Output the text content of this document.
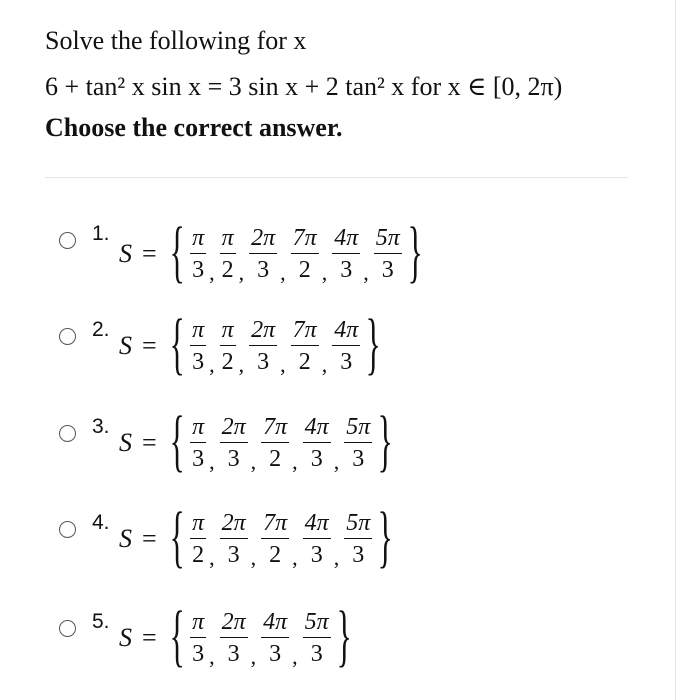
Solve the following for x
6 + tan² x sin x = 3 sin x + 2 tan² x for x ∈ [0, 2π)
Choose the correct answer.
1.
S = { $\frac{\pi}{3}$ , $\frac{\pi}{2}$ , $\frac{2\pi}{3}$ , $\frac{7\pi}{2}$ , $\frac{4\pi}{3}$ , $\frac{5\pi}{3}$ }
2.
S = { $\frac{\pi}{3}$ , $\frac{\pi}{2}$ , $\frac{2\pi}{3}$ , $\frac{7\pi}{2}$ , $\frac{4\pi}{3}$ }
3.
S = { $\frac{\pi}{3}$ , $\frac{2\pi}{3}$ , $\frac{7\pi}{2}$ , $\frac{4\pi}{3}$ , $\frac{5\pi}{3}$ }
4.
S = { $\frac{\pi}{2}$ , $\frac{2\pi}{3}$ , $\frac{7\pi}{2}$ , $\frac{4\pi}{3}$ , $\frac{5\pi}{3}$ }
5.
S = { $\frac{\pi}{3}$ , $\frac{2\pi}{3}$ , $\frac{4\pi}{3}$ , $\frac{5\pi}{3}$ }
